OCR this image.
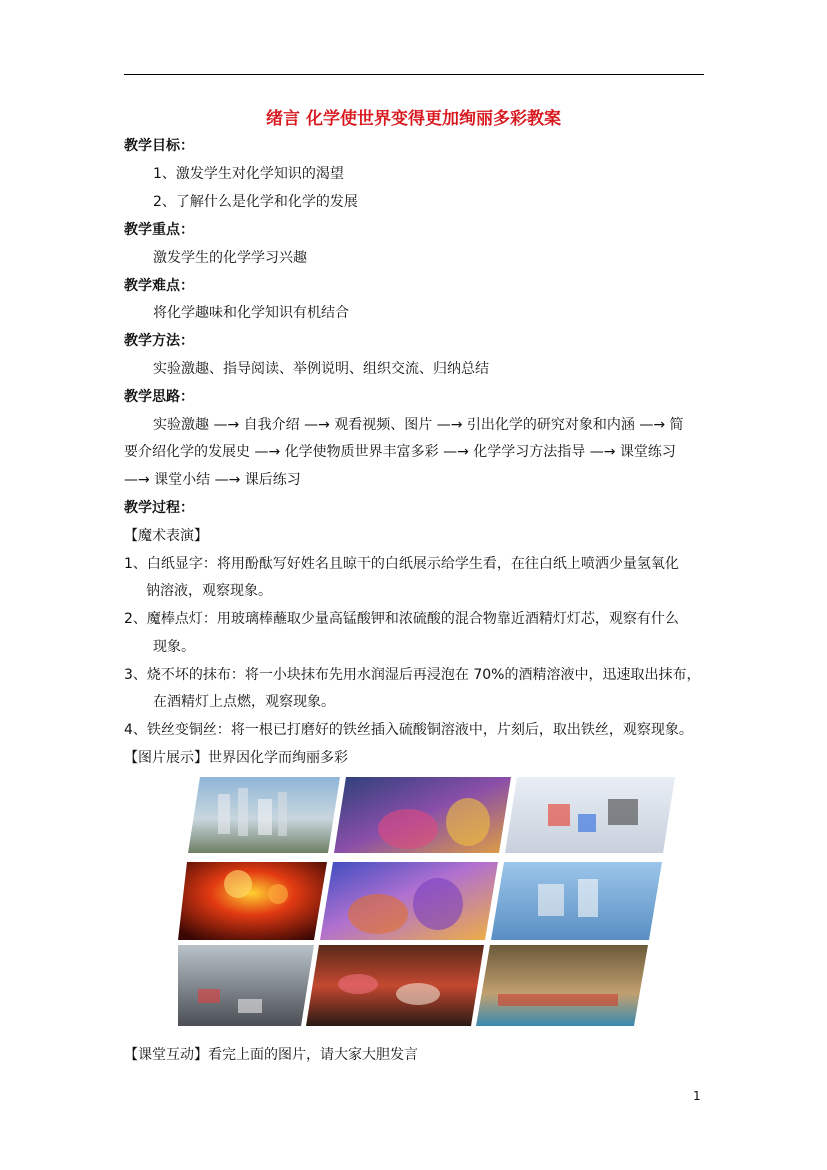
绪言 化学使世界变得更加绚丽多彩教案
教学目标：
1、激发学生对化学知识的渴望
2、了解什么是化学和化学的发展
教学重点：
激发学生的化学学习兴趣
教学难点：
将化学趣味和化学知识有机结合
教学方法：
实验激趣、指导阅读、举例说明、组织交流、归纳总结
教学思路：
实验激趣 —→ 自我介绍 —→ 观看视频、图片 —→ 引出化学的研究对象和内涵 —→ 简
要介绍化学的发展史 —→ 化学使物质世界丰富多彩 —→ 化学学习方法指导 —→ 课堂练习
—→ 课堂小结 —→ 课后练习
教学过程：
【魔术表演】
1、白纸显字：将用酚酞写好姓名且晾干的白纸展示给学生看，在往白纸上喷洒少量氢氧化
钠溶液，观察现象。
2、魔棒点灯：用玻璃棒蘸取少量高锰酸钾和浓硫酸的混合物靠近酒精灯灯芯，观察有什么
现象。
3、烧不坏的抹布：将一小块抹布先用水润湿后再浸泡在 70%的酒精溶液中，迅速取出抹布，
在酒精灯上点燃，观察现象。
4、铁丝变铜丝：将一根已打磨好的铁丝插入硫酸铜溶液中，片刻后，取出铁丝，观察现象。
【图片展示】世界因化学而绚丽多彩
【课堂互动】看完上面的图片，请大家大胆发言
1
